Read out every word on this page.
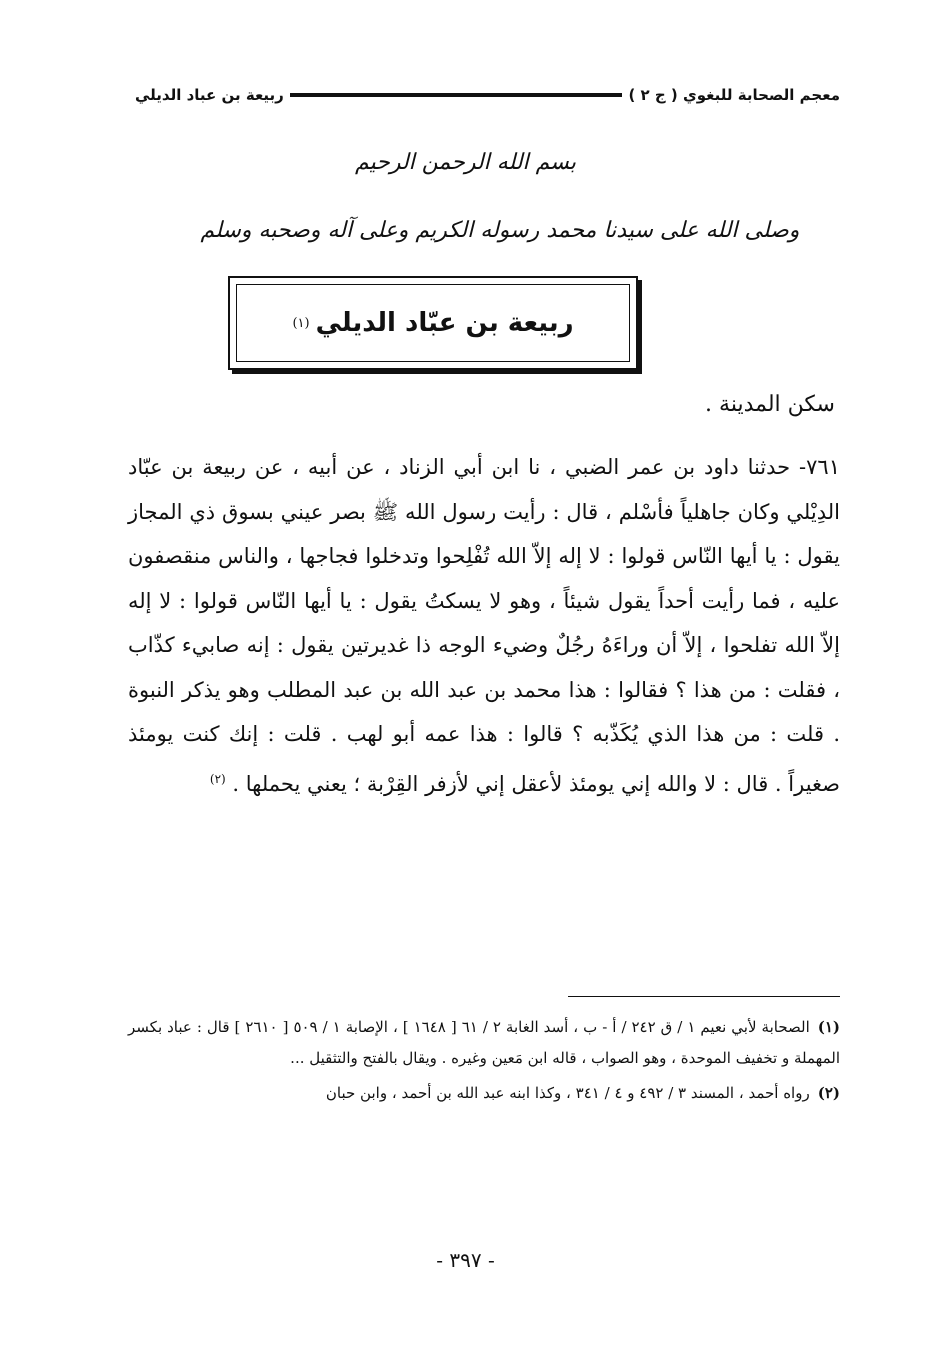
معجم الصحابة للبغوي ( ج ٢ )
ربيعة بن عباد الديلي
بسم الله الرحمن الرحيم
وصلى الله على سيدنا محمد رسوله الكريم وعلى آله وصحبه وسلم
ربيعة بن عبّاد الديلي
(١)
سكن المدينة .

٧٦١- حدثنا داود بن عمر الضبي ، نا ابن أبي الزناد ، عن أبيه ، عن ربيعة بن عبّاد الدِيْلي وكان جاهلياً فأسْلم ، قال : رأيت رسول الله ﷺ بصر عيني بسوق ذي المجاز يقول : يا أيها النّاس قولوا : لا إله إلاّ الله تُفْلِحوا وتدخلوا فجاجها ، والناس منقصفون عليه ، فما رأيت أحداً يقول شيئاً ، وهو لا يسكتُ يقول : يا أيها النّاس قولوا : لا إله إلاّ الله تفلحوا ، إلاّ أن وراءَهُ رجُلٌ وضيء الوجه ذا غديرتين يقول : إنه صابيء كذّاب ، فقلت : من هذا ؟ فقالوا : هذا محمد بن عبد الله بن عبد المطلب وهو يذكر النبوة . قلت : من هذا الذي يُكَذّبه ؟ قالوا : هذا عمه أبو لهب . قلت : إنك كنت يومئذ صغيراً . قال : لا والله إني يومئذ لأعقل إني لأزفر القِرْبة ؛ يعني يحملها . $^{(٢)}$

(١)الصحابة لأبي نعيم ١ / ق ٢٤٢ / أ - ب ، أسد الغابة ٢ / ٦١ [ ١٦٤٨ ] ، الإصابة ١ / ٥٠٩ [ ٢٦١٠ ] قال : عباد بكسر المهملة و تخفيف الموحدة ، وهو الصواب ، قاله ابن مَعين وغيره . ويقال بالفتح والتثقيل ...

(٢)رواه أحمد ، المسند ٣ / ٤٩٢ و ٤ / ٣٤١ ، وكذا ابنه عبد الله بن أحمد ، وابن حبان

- ٣٩٧ -
